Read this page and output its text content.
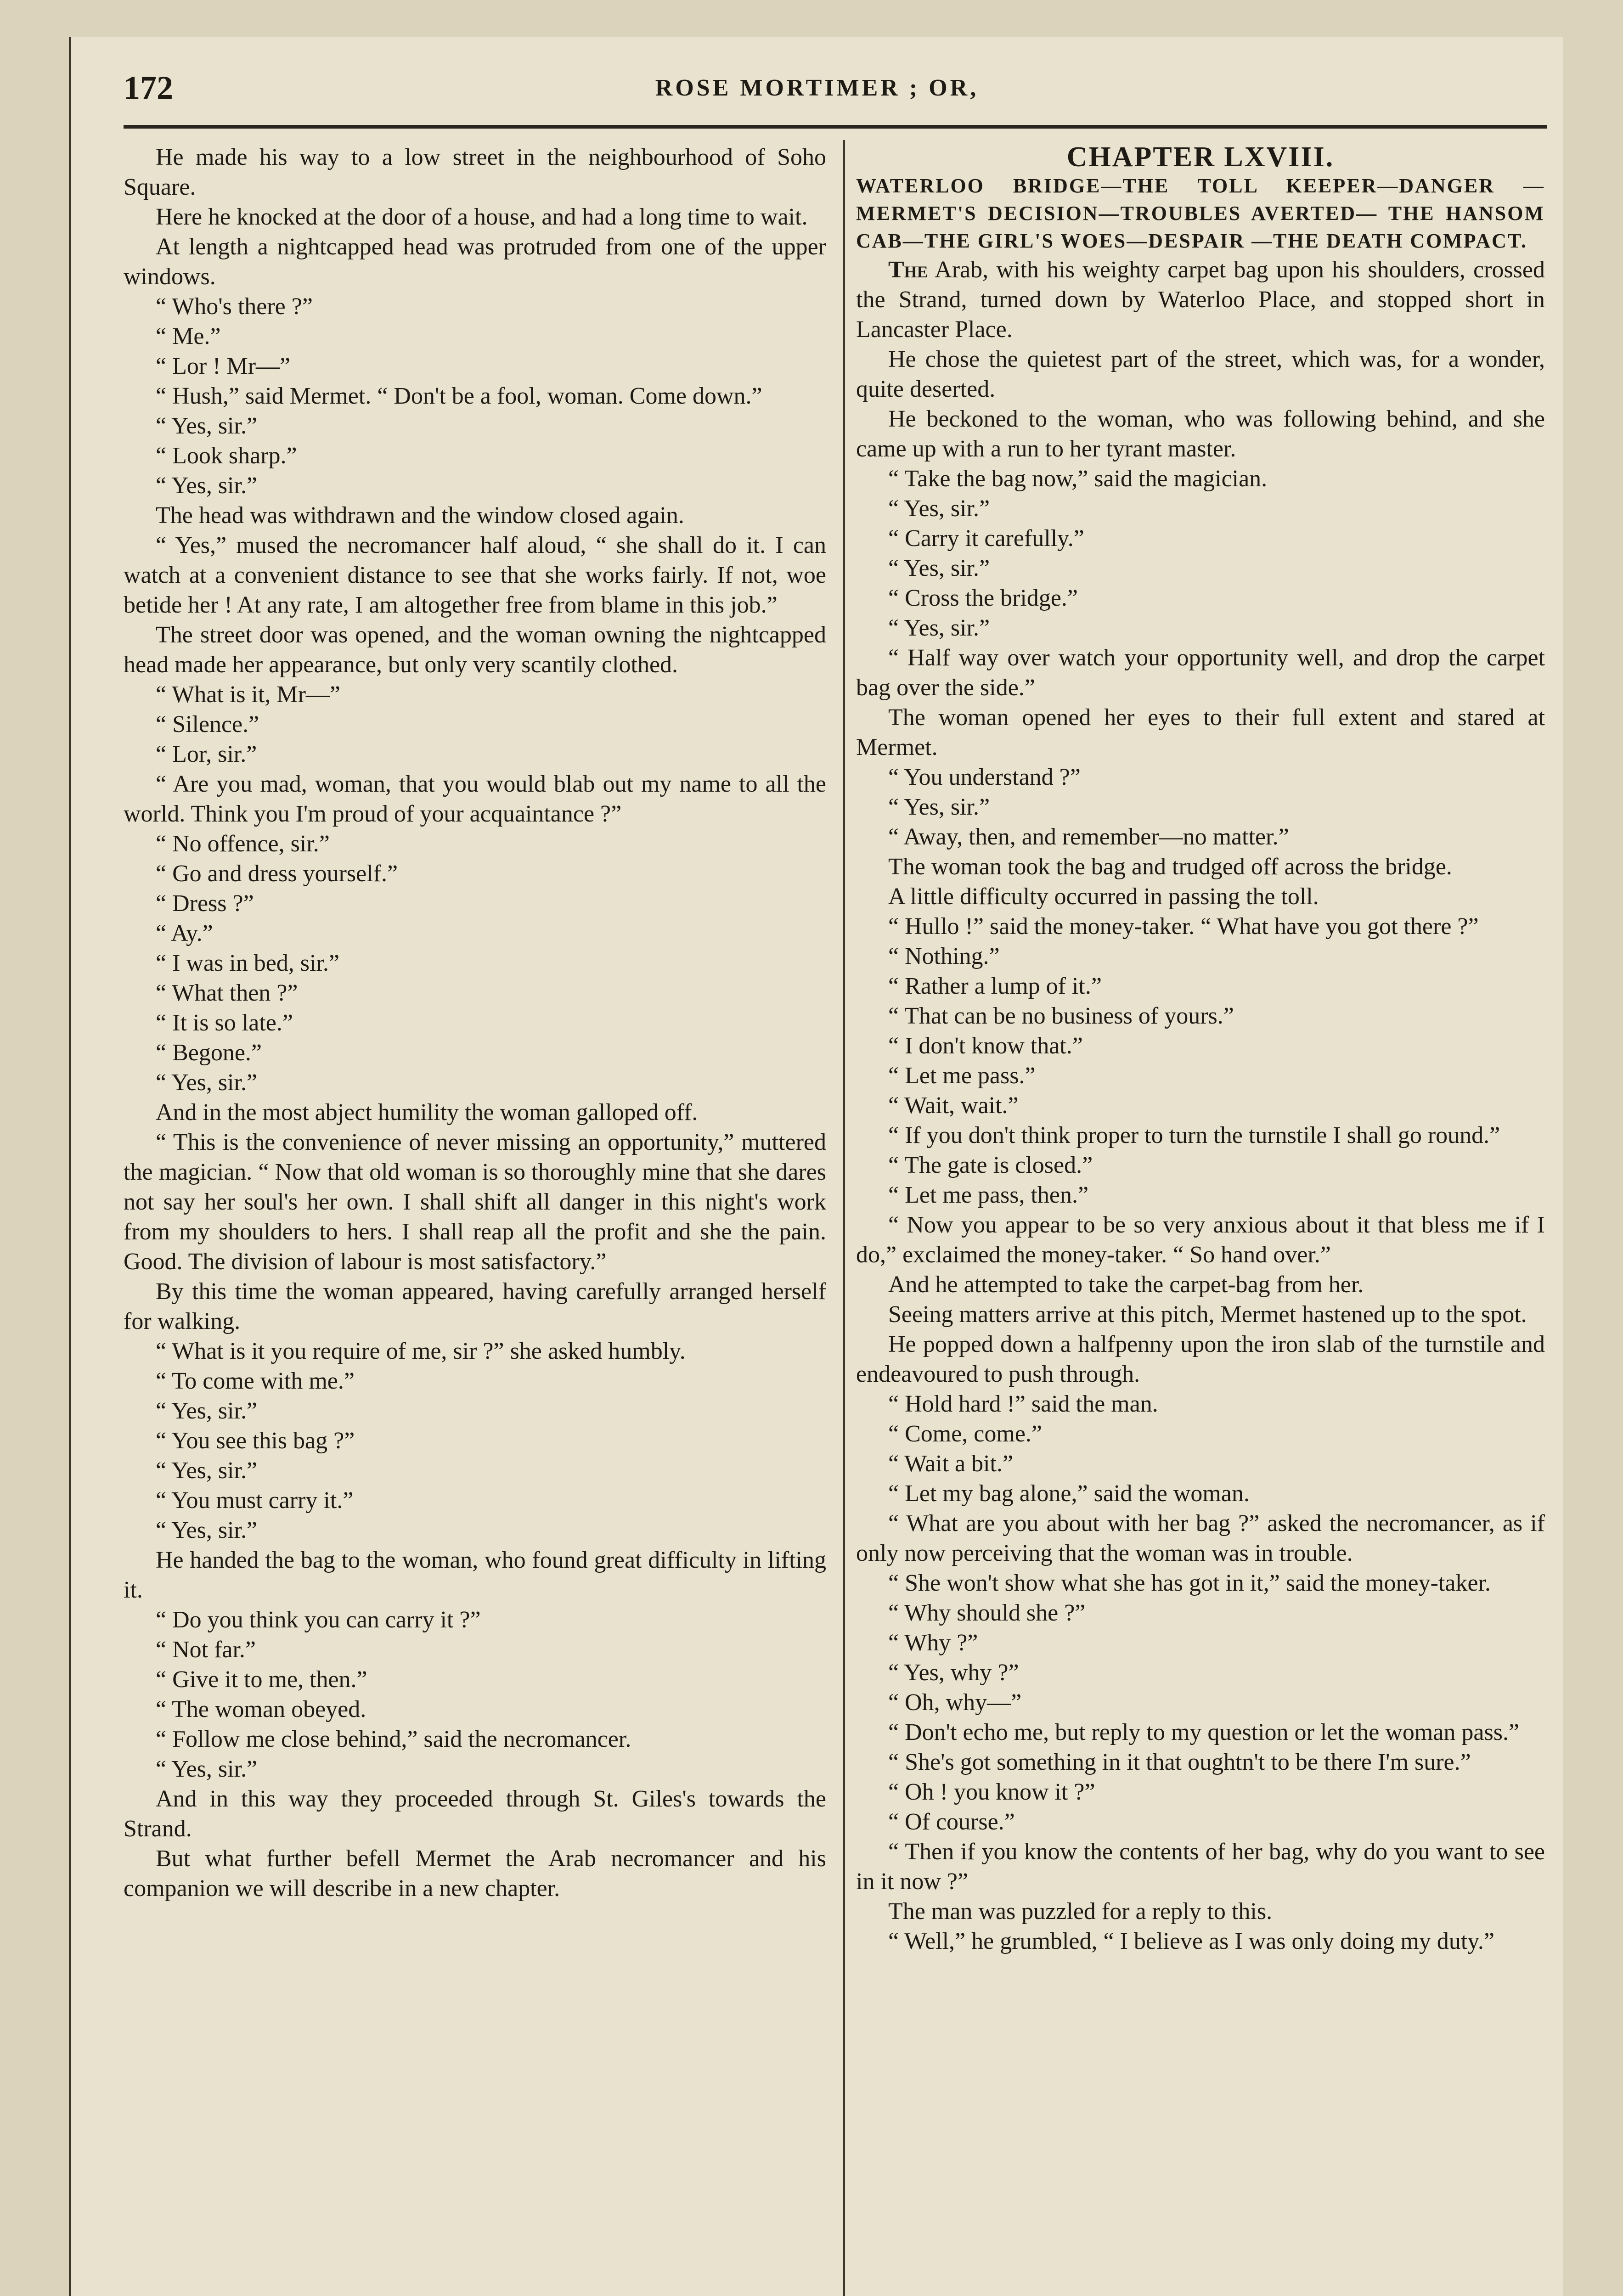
172	ROSE MORTIMER ; OR,

He made his way to a low street in the neighbourhood of Soho Square.

Here he knocked at the door of a house, and had a long time to wait.

At length a nightcapped head was protruded from one of the upper windows.

“ Who's there ?”

“ Me.”

“ Lor ! Mr—”

“ Hush,” said Mermet. “ Don't be a fool, woman. Come down.”

“ Yes, sir.”

“ Look sharp.”

“ Yes, sir.”

The head was withdrawn and the window closed again.

“ Yes,” mused the necromancer half aloud, “ she shall do it. I can watch at a convenient distance to see that she works fairly. If not, woe betide her ! At any rate, I am altogether free from blame in this job.”

The street door was opened, and the woman owning the nightcapped head made her appearance, but only very scantily clothed.

“ What is it, Mr—”

“ Silence.”

“ Lor, sir.”

“ Are you mad, woman, that you would blab out my name to all the world. Think you I'm proud of your acquaintance ?”

“ No offence, sir.”

“ Go and dress yourself.”

“ Dress ?”

“ Ay.”

“ I was in bed, sir.”

“ What then ?”

“ It is so late.”

“ Begone.”

“ Yes, sir.”

And in the most abject humility the woman galloped off.

“ This is the convenience of never missing an opportunity,” muttered the magician. “ Now that old woman is so thoroughly mine that she dares not say her soul's her own. I shall shift all danger in this night's work from my shoulders to hers. I shall reap all the profit and she the pain. Good. The division of labour is most satisfactory.”

By this time the woman appeared, having carefully arranged herself for walking.

“ What is it you require of me, sir ?” she asked humbly.

“ To come with me.”

“ Yes, sir.”

“ You see this bag ?”

“ Yes, sir.”

“ You must carry it.”

“ Yes, sir.”

He handed the bag to the woman, who found great difficulty in lifting it.

“ Do you think you can carry it ?”

“ Not far.”

“ Give it to me, then.”

“ The woman obeyed.

“ Follow me close behind,” said the necromancer.

“ Yes, sir.”

And in this way they proceeded through St. Giles's towards the Strand.

But what further befell Mermet the Arab necromancer and his companion we will describe in a new chapter.

CHAPTER LXVIII.

WATERLOO BRIDGE—THE TOLL KEEPER—DANGER —MERMET'S DECISION—TROUBLES AVERTED— THE HANSOM CAB—THE GIRL'S WOES—DESPAIR —THE DEATH COMPACT.

The Arab, with his weighty carpet bag upon his shoulders, crossed the Strand, turned down by Waterloo Place, and stopped short in Lancaster Place.

He chose the quietest part of the street, which was, for a wonder, quite deserted.

He beckoned to the woman, who was following behind, and she came up with a run to her tyrant master.

“ Take the bag now,” said the magician.

“ Yes, sir.”

“ Carry it carefully.”

“ Yes, sir.”

“ Cross the bridge.”

“ Yes, sir.”

“ Half way over watch your opportunity well, and drop the carpet bag over the side.”

The woman opened her eyes to their full extent and stared at Mermet.

“ You understand ?”

“ Yes, sir.”

“ Away, then, and remember—no matter.”

The woman took the bag and trudged off across the bridge.

A little difficulty occurred in passing the toll.

“ Hullo !” said the money-taker. “ What have you got there ?”

“ Nothing.”

“ Rather a lump of it.”

“ That can be no business of yours.”

“ I don't know that.”

“ Let me pass.”

“ Wait, wait.”

“ If you don't think proper to turn the turnstile I shall go round.”

“ The gate is closed.”

“ Let me pass, then.”

“ Now you appear to be so very anxious about it that bless me if I do,” exclaimed the money-taker. “ So hand over.”

And he attempted to take the carpet-bag from her.

Seeing matters arrive at this pitch, Mermet hastened up to the spot.

He popped down a halfpenny upon the iron slab of the turnstile and endeavoured to push through.

“ Hold hard !” said the man.

“ Come, come.”

“ Wait a bit.”

“ Let my bag alone,” said the woman.

“ What are you about with her bag ?” asked the necromancer, as if only now perceiving that the woman was in trouble.

“ She won't show what she has got in it,” said the money-taker.

“ Why should she ?”

“ Why ?”

“ Yes, why ?”

“ Oh, why—”

“ Don't echo me, but reply to my question or let the woman pass.”

“ She's got something in it that oughtn't to be there I'm sure.”

“ Oh ! you know it ?”

“ Of course.”

“ Then if you know the contents of her bag, why do you want to see in it now ?”

The man was puzzled for a reply to this.

“ Well,” he grumbled, “ I believe as I was only doing my duty.”
